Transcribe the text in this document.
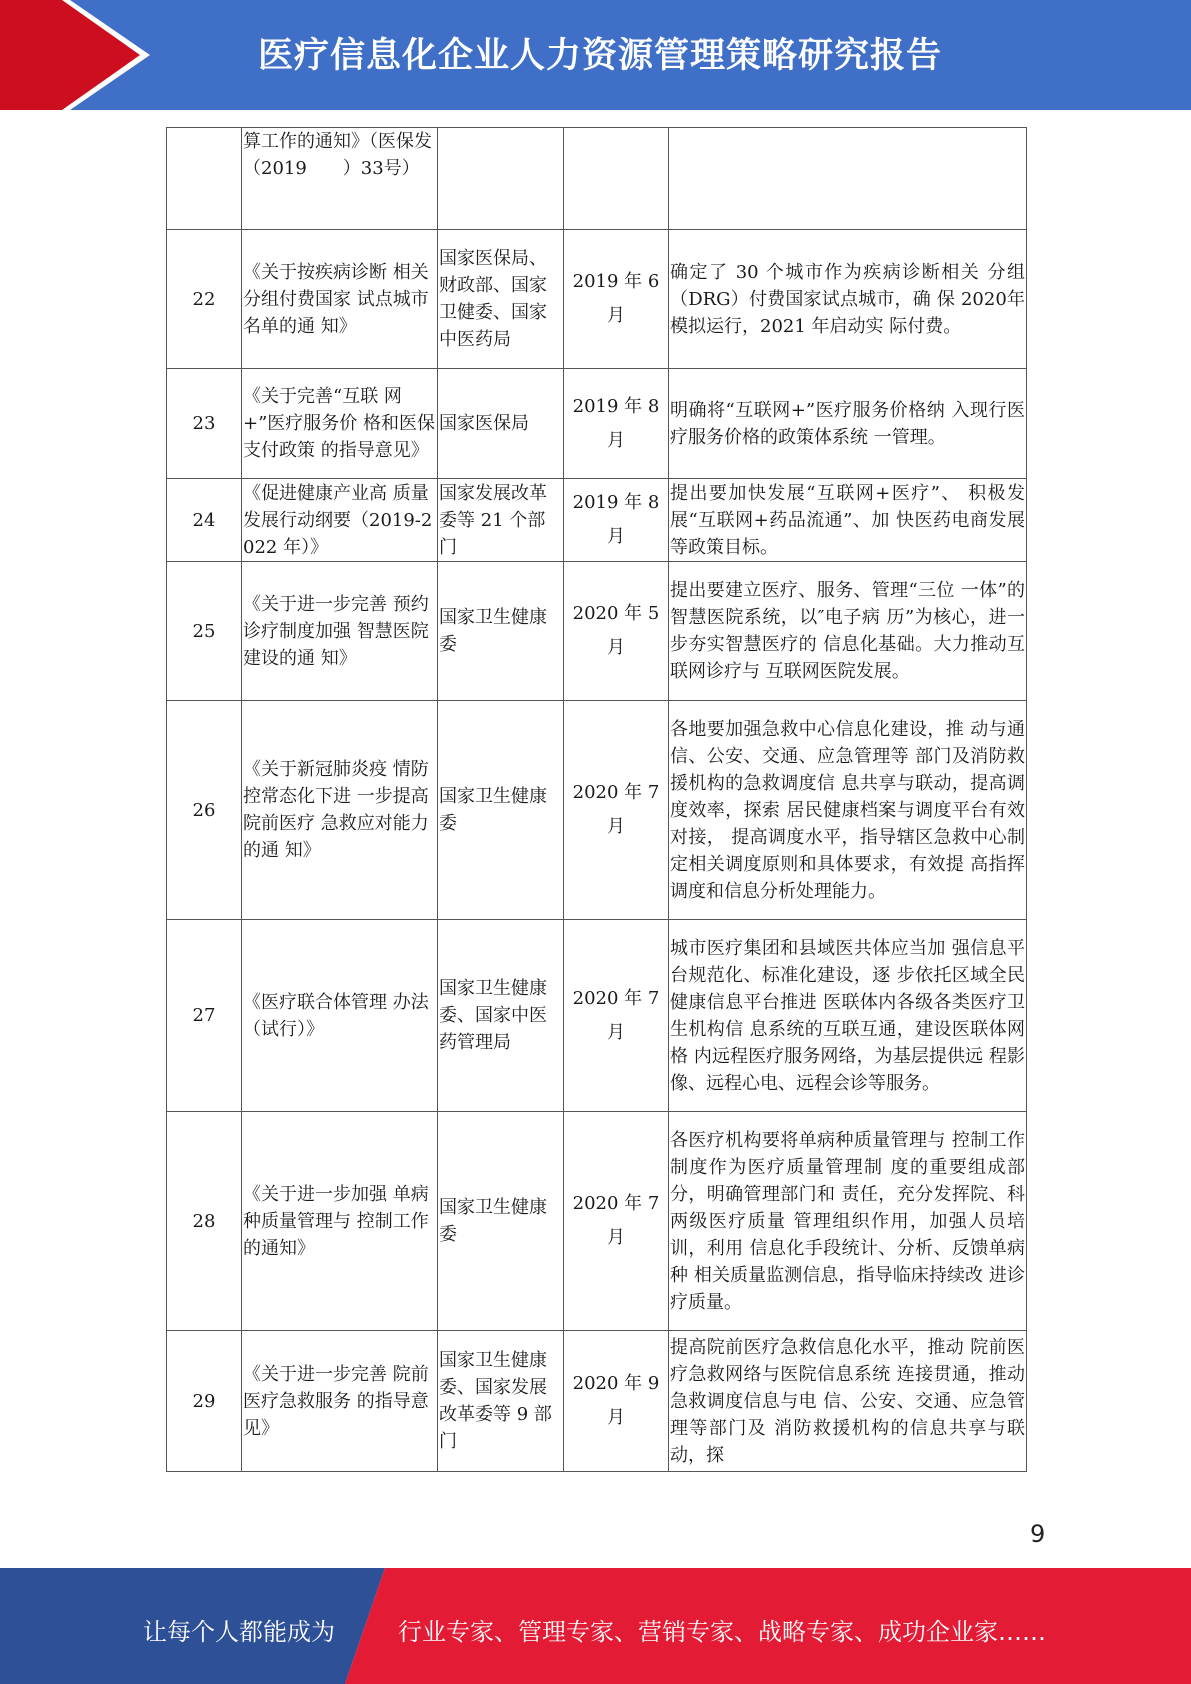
医疗信息化企业人力资源管理策略研究报告
	算工作的通知》（医保发（2019　　）33号）			
22	《关于按疾病诊断 相关分组付费国家 试点城市名单的通 知》	国家医保局、财政部、国家卫健委、国家中医药局	2019 年 6 月	确定了 30 个城市作为疾病诊断相关 分组（DRG）付费国家试点城市，确 保 2020年模拟运行，2021 年启动实 际付费。
23	《关于完善“互联 网+”医疗服务价 格和医保支付政策 的指导意见》	国家医保局	2019 年 8 月	明确将“互联网+”医疗服务价格纳 入现行医疗服务价格的政策体系统 一管理。
24	《促进健康产业高 质量发展行动纲要（2019-2022 年）》	国家发展改革委等 21 个部门	2019 年 8 月	提出要加快发展“互联网+医疗”、 积极发展“互联网+药品流通”、加 快医药电商发展等政策目标。
25	《关于进一步完善 预约诊疗制度加强 智慧医院建设的通 知》	国家卫生健康委	2020 年 5 月	提出要建立医疗、服务、管理“三位 一体”的智慧医院系统，以″电子病 历”为核心，进一步夯实智慧医疗的 信息化基础。大力推动互联网诊疗与 互联网医院发展。
26	《关于新冠肺炎疫 情防控常态化下进 一步提高院前医疗 急救应对能力的通 知》	国家卫生健康委	2020 年 7 月	各地要加强急救中心信息化建设，推 动与通信、公安、交通、应急管理等 部门及消防救援机构的急救调度信 息共享与联动，提高调度效率，探索 居民健康档案与调度平台有效对接， 提高调度水平，指导辖区急救中心制 定相关调度原则和具体要求，有效提 高指挥调度和信息分析处理能力。
27	《医疗联合体管理 办法（试行）》	国家卫生健康委、国家中医药管理局	2020 年 7 月	城市医疗集团和县域医共体应当加 强信息平台规范化、标准化建设，逐 步依托区域全民健康信息平台推进 医联体内各级各类医疗卫生机构信 息系统的互联互通，建设医联体网格 内远程医疗服务网络，为基层提供远 程影像、远程心电、远程会诊等服务。
28	《关于进一步加强 单病种质量管理与 控制工作的通知》	国家卫生健康委	2020 年 7 月	各医疗机构要将单病种质量管理与 控制工作制度作为医疗质量管理制 度的重要组成部分，明确管理部门和 责任，充分发挥院、科两级医疗质量 管理组织作用，加强人员培训，利用 信息化手段统计、分析、反馈单病种 相关质量监测信息，指导临床持续改 进诊疗质量。
29	《关于进一步完善 院前医疗急救服务 的指导意见》	国家卫生健康委、国家发展改革委等 9 部门	2020 年 9 月	提高院前医疗急救信息化水平，推动 院前医疗急救网络与医院信息系统 连接贯通，推动急救调度信息与电 信、公安、交通、应急管理等部门及 消防救援机构的信息共享与联动，探
9
让每个人都能成为	行业专家、管理专家、营销专家、战略专家、成功企业家……
